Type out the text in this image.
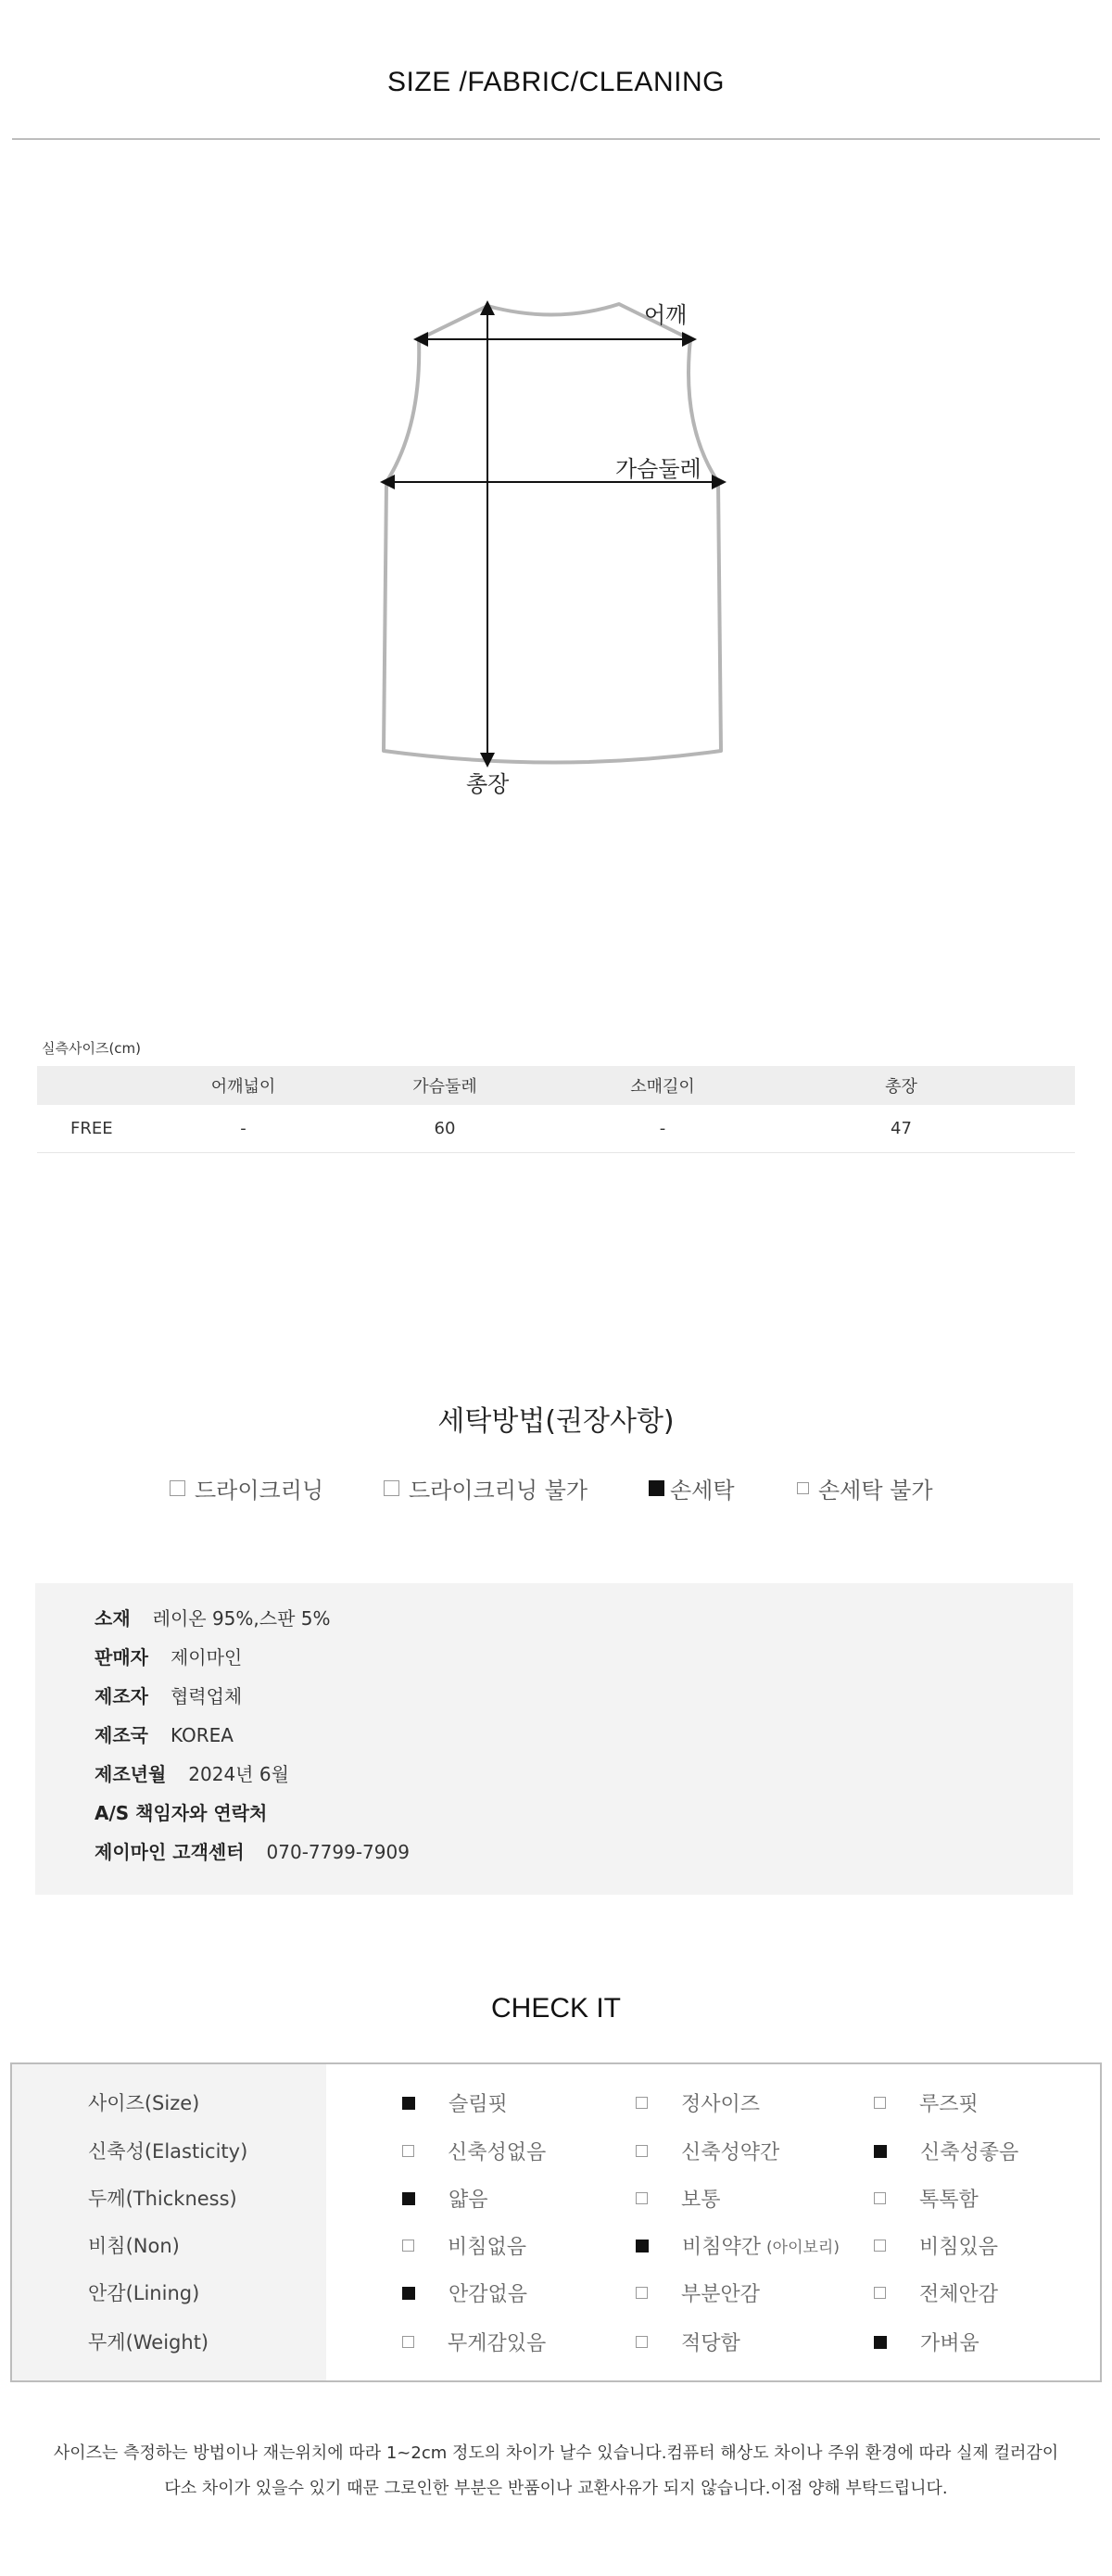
SIZE /FABRIC/CLEANING
어깨
가슴둘레
총장
실측사이즈(cm)
어깨넓이	가슴둘레	소매길이	총장
FREE	-	60	-	47
세탁방법(권장사항)
드라이크리닝	드라이크리닝 불가	손세탁	손세탁 불가
소재 레이온 95%,스판 5%
판매자 제이마인
제조자 협력업체
제조국 KOREA
제조년월 2024년 6월
A/S 책임자와 연락처
제이마인 고객센터 070-7799-7909
CHECK IT
사이즈(Size)	슬림핏	정사이즈	루즈핏
신축성(Elasticity)	신축성없음	신축성약간	신축성좋음
두께(Thickness)	얇음	보통	톡톡함
비침(Non)	비침없음	비침약간 (아이보리)	비침있음
안감(Lining)	안감없음	부분안감	전체안감
무게(Weight)	무게감있음	적당함	가벼움
사이즈는 측정하는 방법이나 재는위치에 따라 1~2cm 정도의 차이가 날수 있습니다.컴퓨터 해상도 차이나 주위 환경에 따라 실제 컬러감이
다소 차이가 있을수 있기 때문 그로인한 부분은 반품이나 교환사유가 되지 않습니다.이점 양해 부탁드립니다.
